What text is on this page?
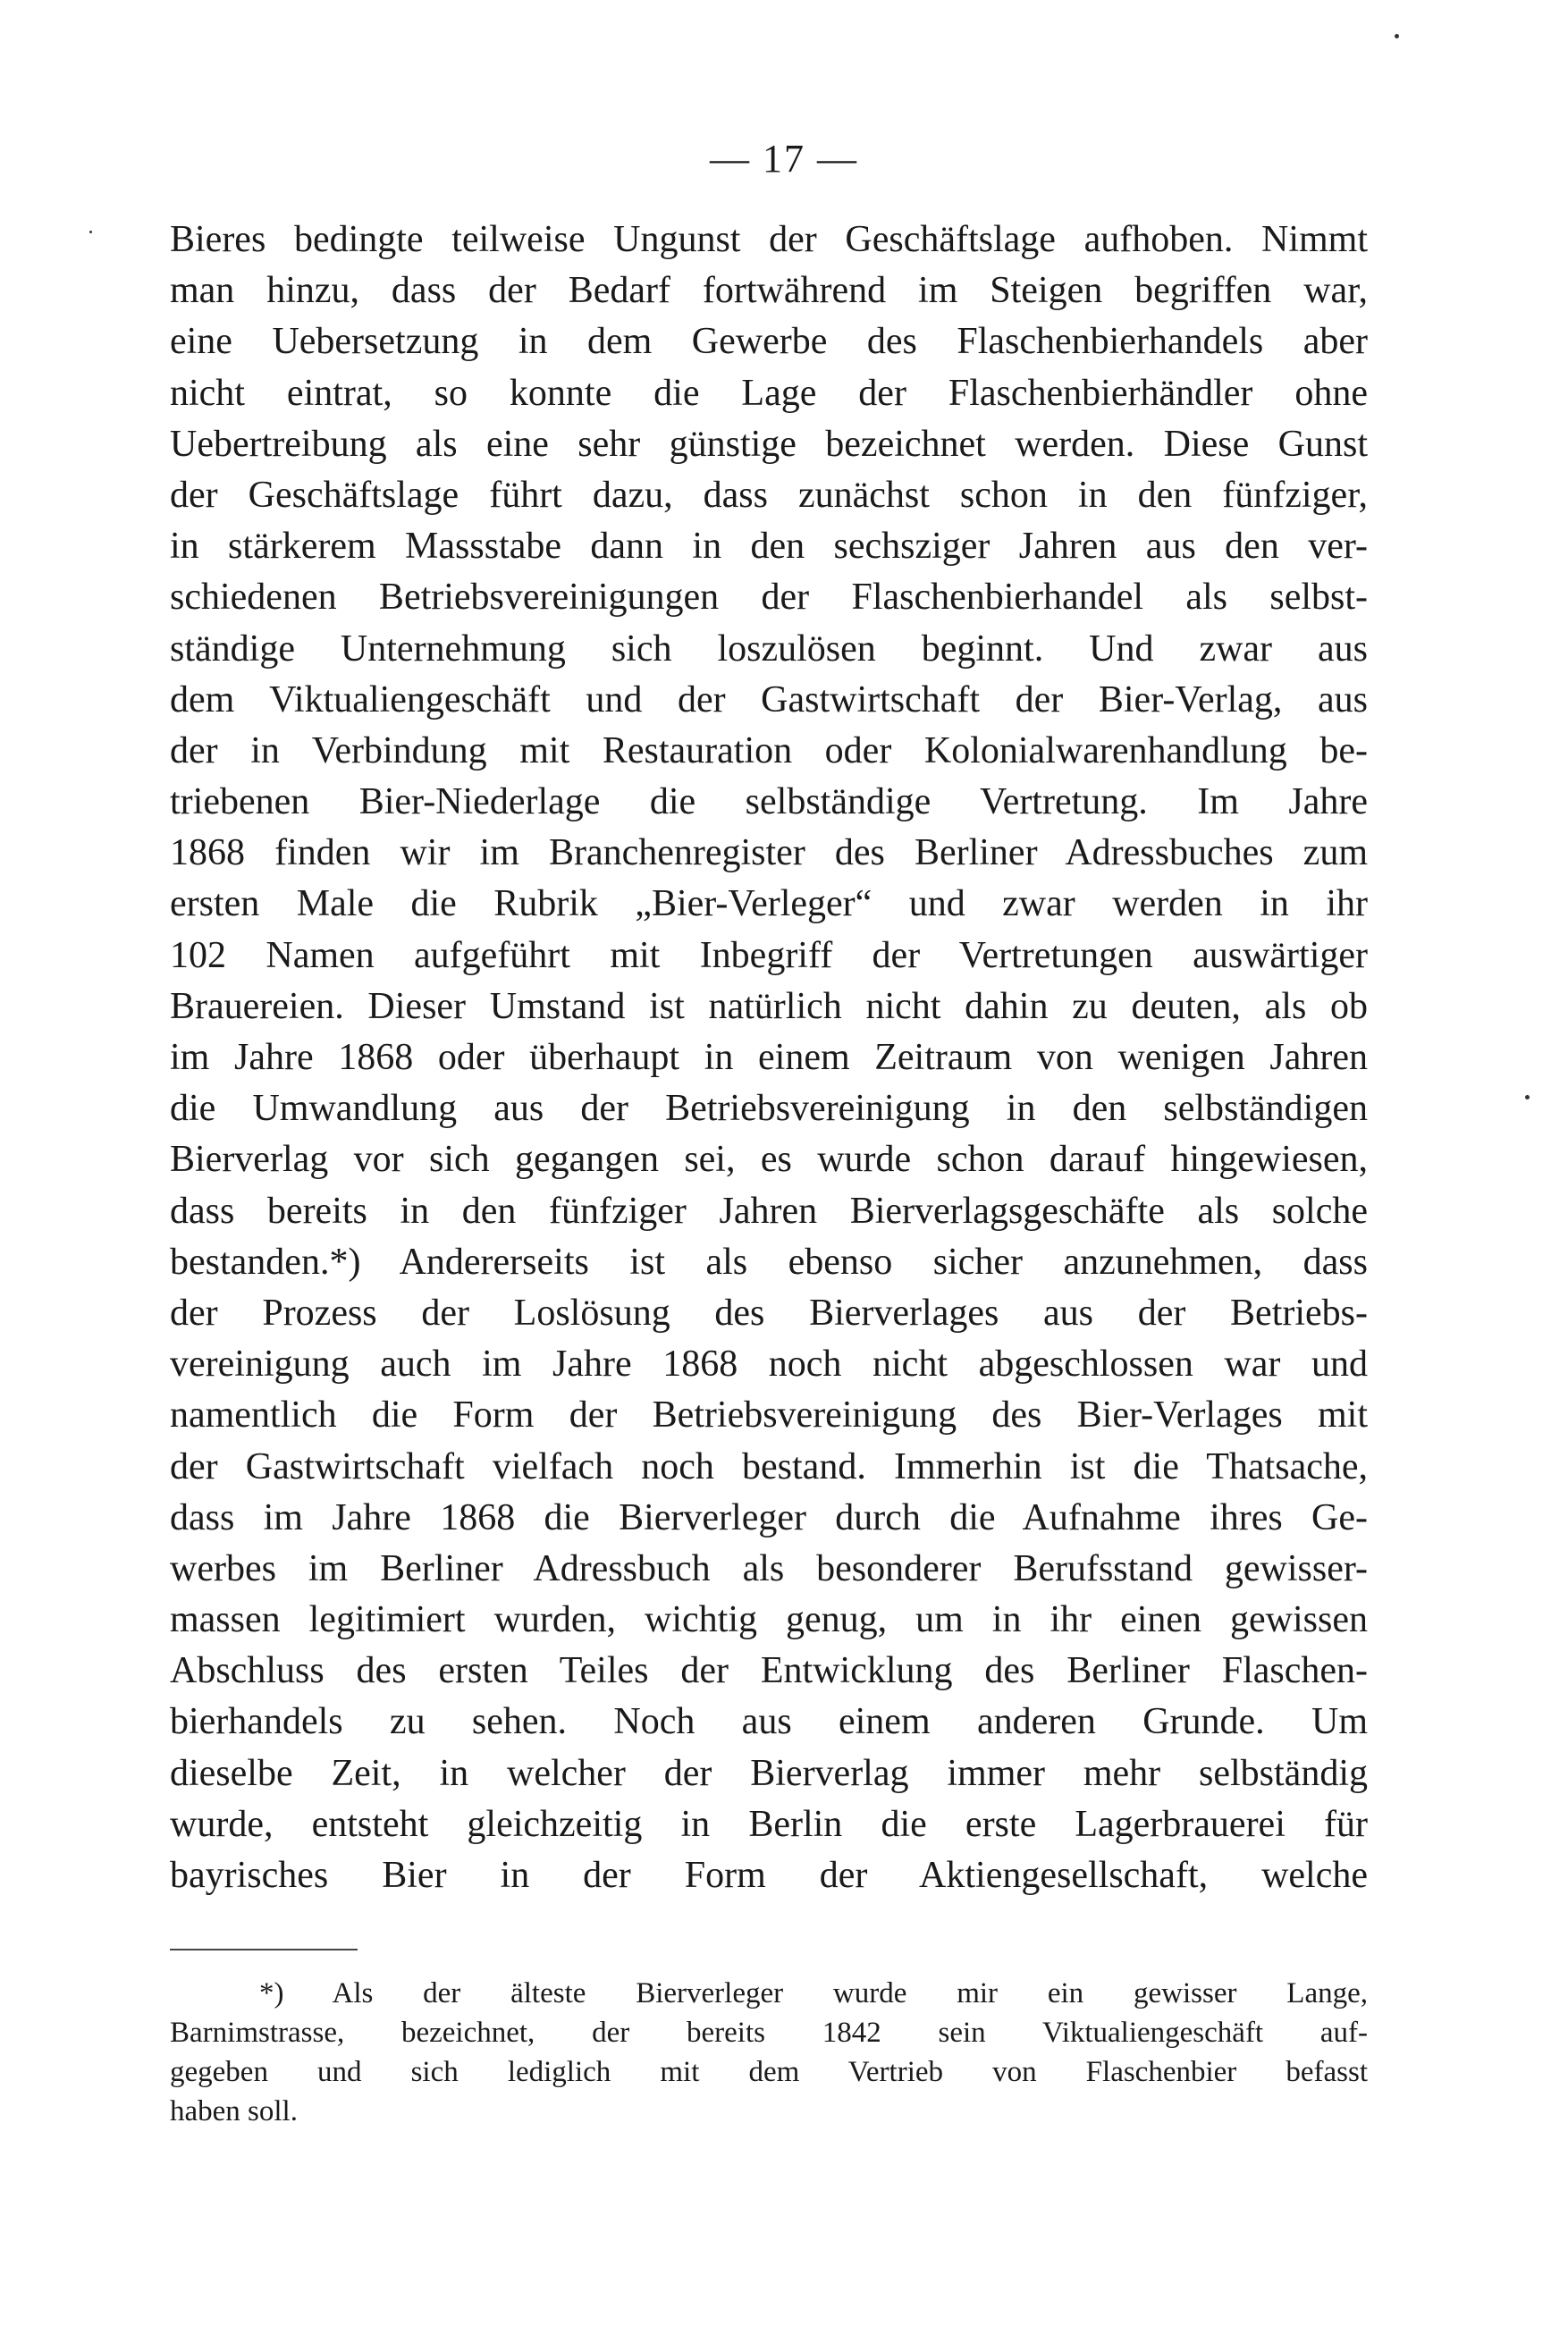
— 17 —
Bieres bedingte teilweise Ungunst der Geschäftslage aufhoben. Nimmt
man hinzu, dass der Bedarf fortwährend im Steigen begriffen war,
eine Uebersetzung in dem Gewerbe des Flaschenbierhandels aber
nicht eintrat, so konnte die Lage der Flaschenbierhändler ohne
Uebertreibung als eine sehr günstige bezeichnet werden. Diese Gunst
der Geschäftslage führt dazu, dass zunächst schon in den fünfziger,
in stärkerem Massstabe dann in den sechsziger Jahren aus den ver-
schiedenen Betriebsvereinigungen der Flaschenbierhandel als selbst-
ständige Unternehmung sich loszulösen beginnt. Und zwar aus
dem Viktualiengeschäft und der Gastwirtschaft der Bier-Verlag, aus
der in Verbindung mit Restauration oder Kolonialwarenhandlung be-
triebenen Bier-Niederlage die selbständige Vertretung. Im Jahre
1868 finden wir im Branchenregister des Berliner Adressbuches zum
ersten Male die Rubrik „Bier-Verleger“ und zwar werden in ihr
102 Namen aufgeführt mit Inbegriff der Vertretungen auswärtiger
Brauereien. Dieser Umstand ist natürlich nicht dahin zu deuten, als ob
im Jahre 1868 oder überhaupt in einem Zeitraum von wenigen Jahren
die Umwandlung aus der Betriebsvereinigung in den selbständigen
Bierverlag vor sich gegangen sei, es wurde schon darauf hingewiesen,
dass bereits in den fünfziger Jahren Bierverlagsgeschäfte als solche
bestanden.*) Andererseits ist als ebenso sicher anzunehmen, dass
der Prozess der Loslösung des Bierverlages aus der Betriebs-
vereinigung auch im Jahre 1868 noch nicht abgeschlossen war und
namentlich die Form der Betriebsvereinigung des Bier-Verlages mit
der Gastwirtschaft vielfach noch bestand. Immerhin ist die Thatsache,
dass im Jahre 1868 die Bierverleger durch die Aufnahme ihres Ge-
werbes im Berliner Adressbuch als besonderer Berufsstand gewisser-
massen legitimiert wurden, wichtig genug, um in ihr einen gewissen
Abschluss des ersten Teiles der Entwicklung des Berliner Flaschen-
bierhandels zu sehen. Noch aus einem anderen Grunde. Um
dieselbe Zeit, in welcher der Bierverlag immer mehr selbständig
wurde, entsteht gleichzeitig in Berlin die erste Lagerbrauerei für
bayrisches Bier in der Form der Aktiengesellschaft, welche
*) Als der älteste Bierverleger wurde mir ein gewisser Lange,
Barnimstrasse, bezeichnet, der bereits 1842 sein Viktualiengeschäft auf-
gegeben und sich lediglich mit dem Vertrieb von Flaschenbier befasst
haben soll.
